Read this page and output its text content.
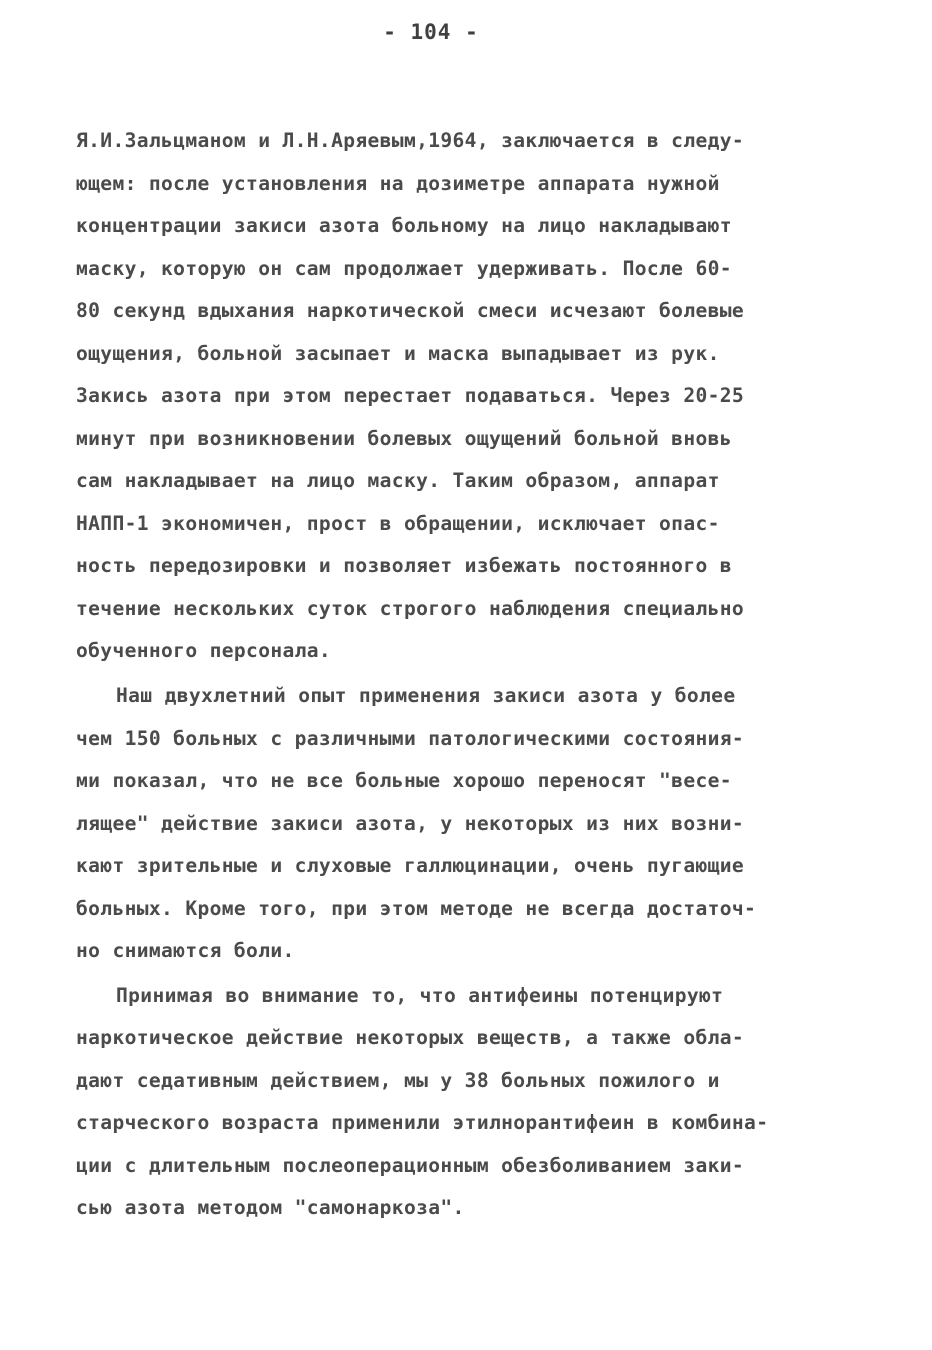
- 104 -
Я.И.Зальцманом и Л.Н.Аряевым,1964, заключается в следу-
ющем: после установления на дозиметре аппарата нужной
концентрации закиси азота больному на лицо накладывают
маску, которую он сам продолжает удерживать. После 60-
80 секунд вдыхания наркотической смеси исчезают болевые
ощущения, больной засыпает и маска выпадывает из рук.
Закись азота при этом перестает подаваться. Через 20-25
минут при возникновении болевых ощущений больной вновь
сам накладывает на лицо маску. Таким образом, аппарат
НАПП-1 экономичен, прост в обращении, исключает опас-
ность передозировки и позволяет избежать постоянного в
течение нескольких суток строгого наблюдения специально
обученного персонала.
Наш двухлетний опыт применения закиси азота у более
чем 150 больных с различными патологическими состояния-
ми показал, что не все больные хорошо переносят "весе-
лящее" действие закиси азота, у некоторых из них возни-
кают зрительные и слуховые галлюцинации, очень пугающие
больных. Кроме того, при этом методе не всегда достаточ-
но снимаются боли.
Принимая во внимание то, что антифеины потенцируют
наркотическое действие некоторых веществ, а также обла-
дают седативным действием, мы у 38 больных пожилого и
старческого возраста применили этилнорантифеин в комбина-
ции с длительным послеоперационным обезболиванием заки-
сью азота методом "самонаркоза".
